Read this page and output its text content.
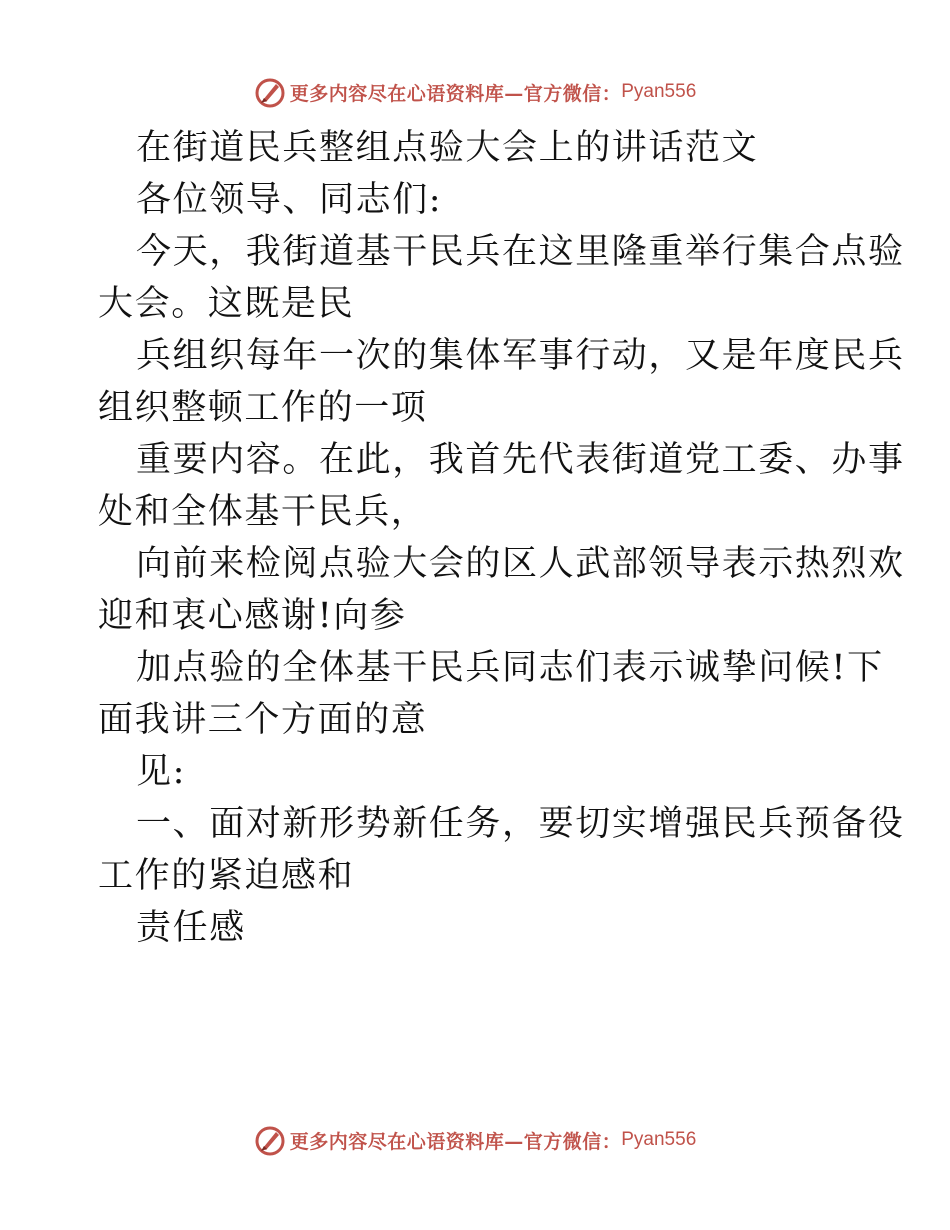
更多内容尽在心语资料库—官方微信： Pyan556
在街道民兵整组点验大会上的讲话范文
各位领导、同志们:
今天，我街道基干民兵在这里隆重举行集合点验
大会。这既是民
兵组织每年一次的集体军事行动，又是年度民兵
组织整顿工作的一项
重要内容。在此，我首先代表街道党工委、办事
处和全体基干民兵，
向前来检阅点验大会的区人武部领导表示热烈欢
迎和衷心感谢!向参
加点验的全体基干民兵同志们表示诚挚问候!下
面我讲三个方面的意
见:
一、面对新形势新任务，要切实增强民兵预备役
工作的紧迫感和
责任感
更多内容尽在心语资料库—官方微信： Pyan556
